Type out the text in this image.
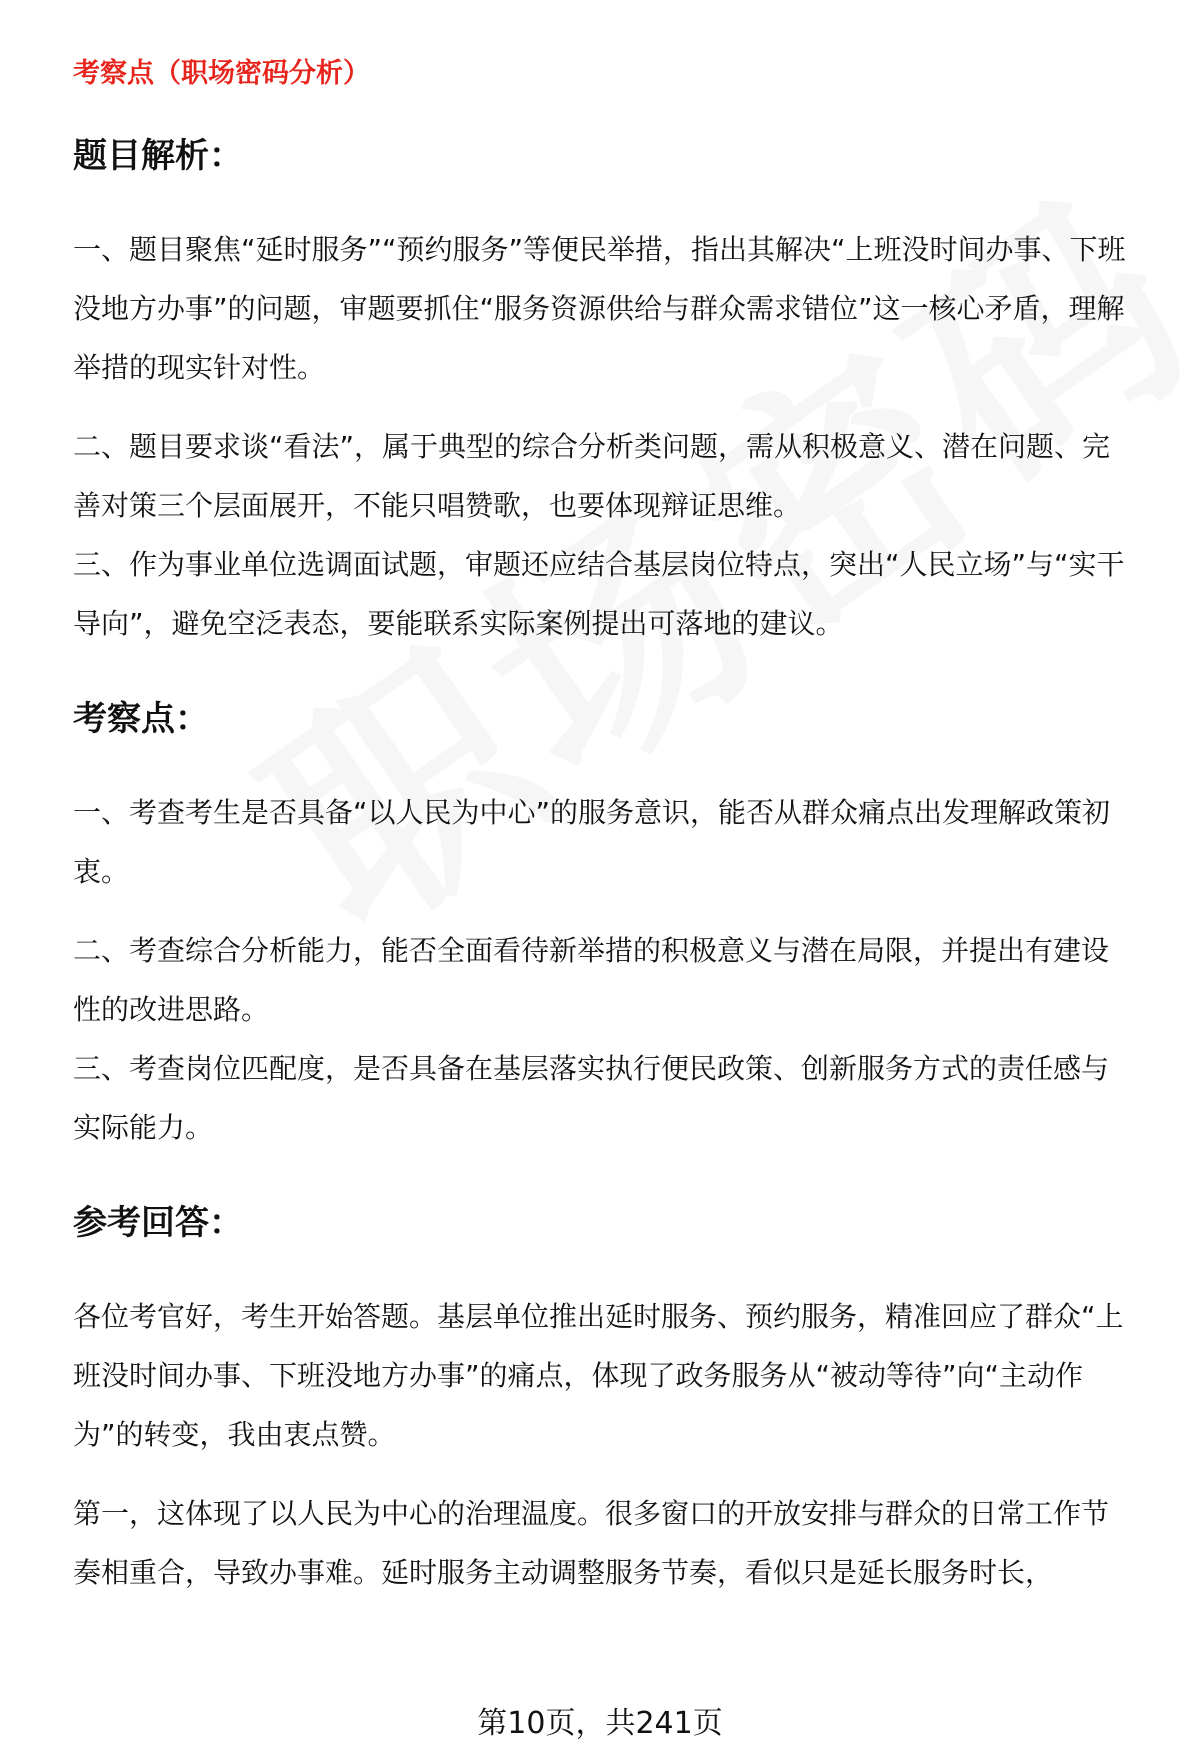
考察点（职场密码分析）
题目解析：

一、题目聚焦“延时服务”“预约服务”等便民举措，指出其解决“上班没时间办事、下班没地方办事”的问题，审题要抓住“服务资源供给与群众需求错位”这一核心矛盾，理解举措的现实针对性。

二、题目要求谈“看法”，属于典型的综合分析类问题，需从积极意义、潜在问题、完善对策三个层面展开，不能只唱赞歌，也要体现辩证思维。

三、作为事业单位选调面试题，审题还应结合基层岗位特点，突出“人民立场”与“实干导向”，避免空泛表态，要能联系实际案例提出可落地的建议。

考察点：

一、考查考生是否具备“以人民为中心”的服务意识，能否从群众痛点出发理解政策初衷。

二、考查综合分析能力，能否全面看待新举措的积极意义与潜在局限，并提出有建设性的改进思路。

三、考查岗位匹配度，是否具备在基层落实执行便民政策、创新服务方式的责任感与实际能力。

参考回答：

各位考官好，考生开始答题。基层单位推出延时服务、预约服务，精准回应了群众“上班没时间办事、下班没地方办事”的痛点，体现了政务服务从“被动等待”向“主动作为”的转变，我由衷点赞。

第一，这体现了以人民为中心的治理温度。很多窗口的开放安排与群众的日常工作节奏相重合，导致办事难。延时服务主动调整服务节奏，看似只是延长服务时长，

第10页，共241页
